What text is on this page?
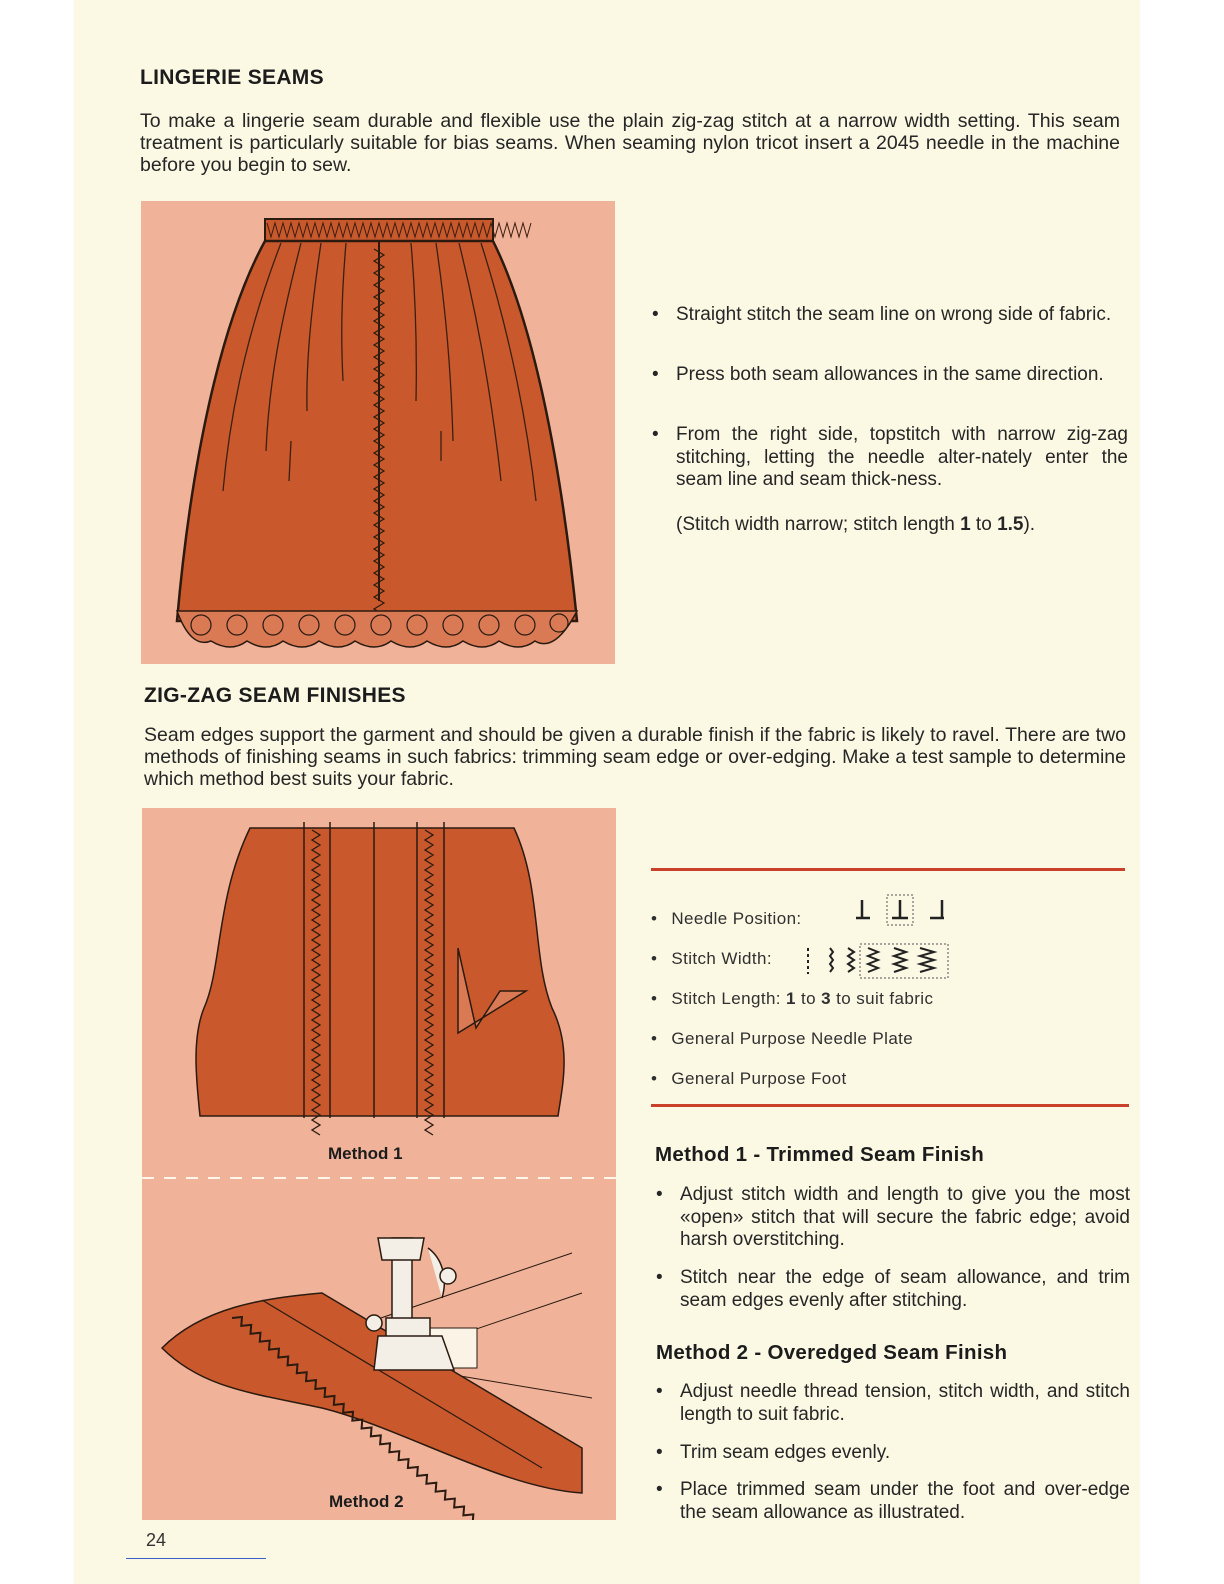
LINGERIE SEAMS
To make a lingerie seam durable and flexible use the plain zig-zag stitch at a narrow width setting. This seam treatment is particularly suitable for bias seams. When seaming nylon tricot insert a 2045 needle in the machine before you begin to sew.
• Straight stitch the seam line on wrong side of fabric.
• Press both seam allowances in the same direction.
• From the right side, topstitch with narrow zig-zag stitching, letting the needle alter-nately enter the seam line and seam thick-ness.
(Stitch width narrow; stitch length 1 to 1.5).
ZIG-ZAG SEAM FINISHES
Seam edges support the garment and should be given a durable finish if the fabric is likely to ravel. There are two methods of finishing seams in such fabrics: trimming seam edge or over-edging. Make a test sample to determine which method best suits your fabric.
Method 1
Method 2
• Needle Position:
• Stitch Width:
• Stitch Length: 1 to 3 to suit fabric
• General Purpose Needle Plate
• General Purpose Foot
Method 1 - Trimmed Seam Finish
• Adjust stitch width and length to give you the most «open» stitch that will secure the fabric edge; avoid harsh overstitching.
• Stitch near the edge of seam allowance, and trim seam edges evenly after stitching.
Method 2 - Overedged Seam Finish
• Adjust needle thread tension, stitch width, and stitch length to suit fabric.
• Trim seam edges evenly.
• Place trimmed seam under the foot and over-edge the seam allowance as illustrated.
24
